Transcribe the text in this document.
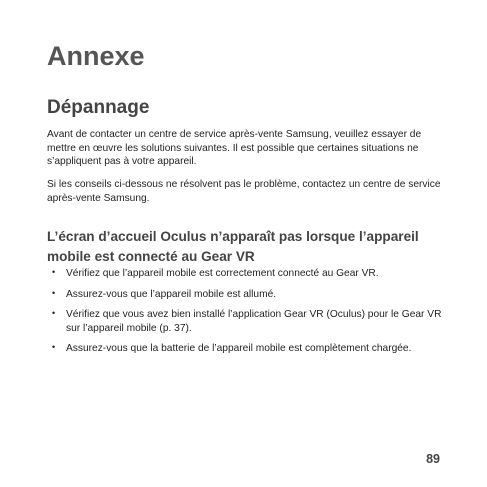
Annexe
Dépannage

Avant de contacter un centre de service après-vente Samsung, veuillez essayer de mettre en œuvre les solutions suivantes. Il est possible que certaines situations ne s’appliquent pas à votre appareil.

Si les conseils ci-dessous ne résolvent pas le problème, contactez un centre de service après-vente Samsung.

L’écran d’accueil Oculus n’apparaît pas lorsque l’appareil mobile est connecté au Gear VR
• Vérifiez que l’appareil mobile est correctement connecté au Gear VR.
• Assurez-vous que l’appareil mobile est allumé.
• Vérifiez que vous avez bien installé l’application Gear VR (Oculus) pour le Gear VR sur l’appareil mobile (p. 37).
• Assurez-vous que la batterie de l’appareil mobile est complètement chargée.
89
